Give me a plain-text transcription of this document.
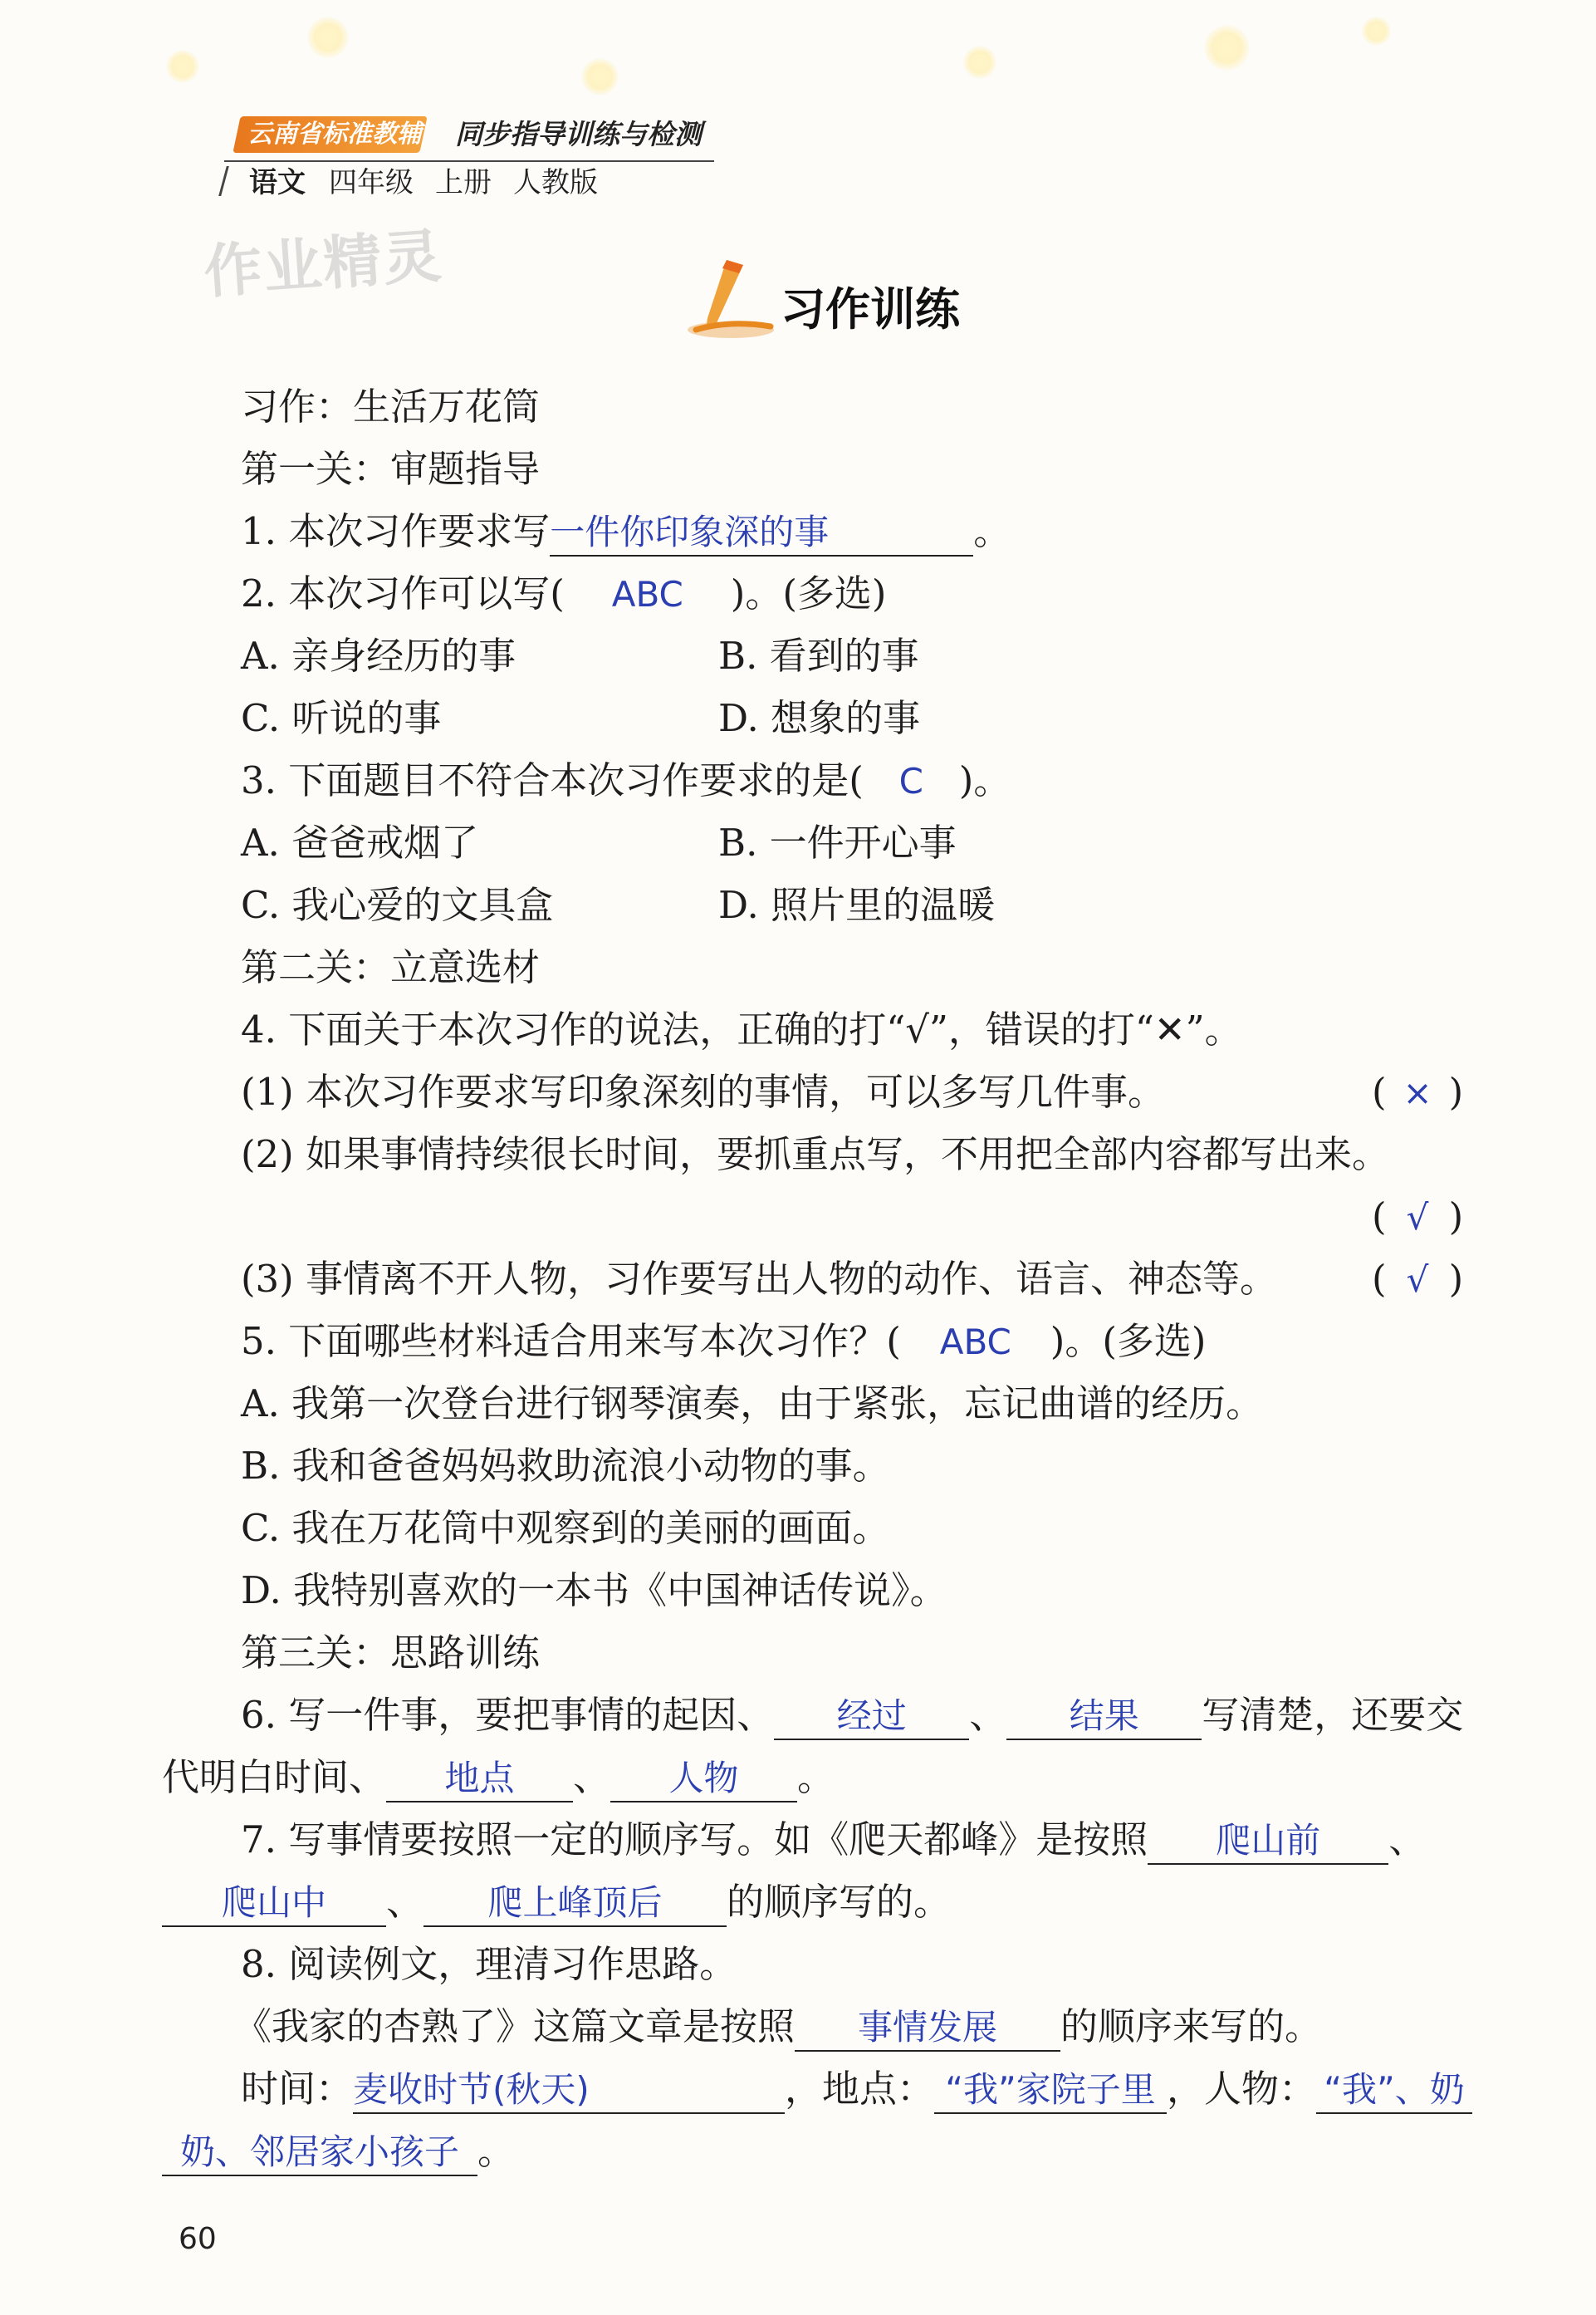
云南省标准教辅 同步指导训练与检测
语文 四年级 上册 人教版
作业精灵
习作训练
习作：生活万花筒
第一关：审题指导
1. 本次习作要求写一件你印象深的事	。
2. 本次习作可以写( ABC )。(多选)
A. 亲身经历的事	B. 看到的事
C. 听说的事	D. 想象的事
3. 下面题目不符合本次习作要求的是( C )。
A. 爸爸戒烟了	B. 一件开心事
C. 我心爱的文具盒	D. 照片里的温暖
第二关：立意选材
4. 下面关于本次习作的说法，正确的打“√”，错误的打“✕”。
(1) 本次习作要求写印象深刻的事情，可以多写几件事。	( × )
(2) 如果事情持续很长时间，要抓重点写，不用把全部内容都写出来。
( √ )
(3) 事情离不开人物，习作要写出人物的动作、语言、神态等。	( √ )
5. 下面哪些材料适合用来写本次习作？( ABC )。(多选)
A. 我第一次登台进行钢琴演奏，由于紧张，忘记曲谱的经历。
B. 我和爸爸妈妈救助流浪小动物的事。
C. 我在万花筒中观察到的美丽的画面。
D. 我特别喜欢的一本书《中国神话传说》。
第三关：思路训练
6. 写一件事，要把事情的起因、 经过 、 结果 写清楚，还要交
代明白时间、 地点 、 人物 。
7. 写事情要按照一定的顺序写。如《爬天都峰》是按照 爬山前 、
爬山中 、 爬上峰顶后 的顺序写的。
8. 阅读例文，理清习作思路。
《我家的杏熟了》这篇文章是按照 事情发展 的顺序来写的。
时间：麦收时节(秋天)	，地点： “我”家院子里 ，人物： “我”、奶
奶、邻居家小孩子 。
60
